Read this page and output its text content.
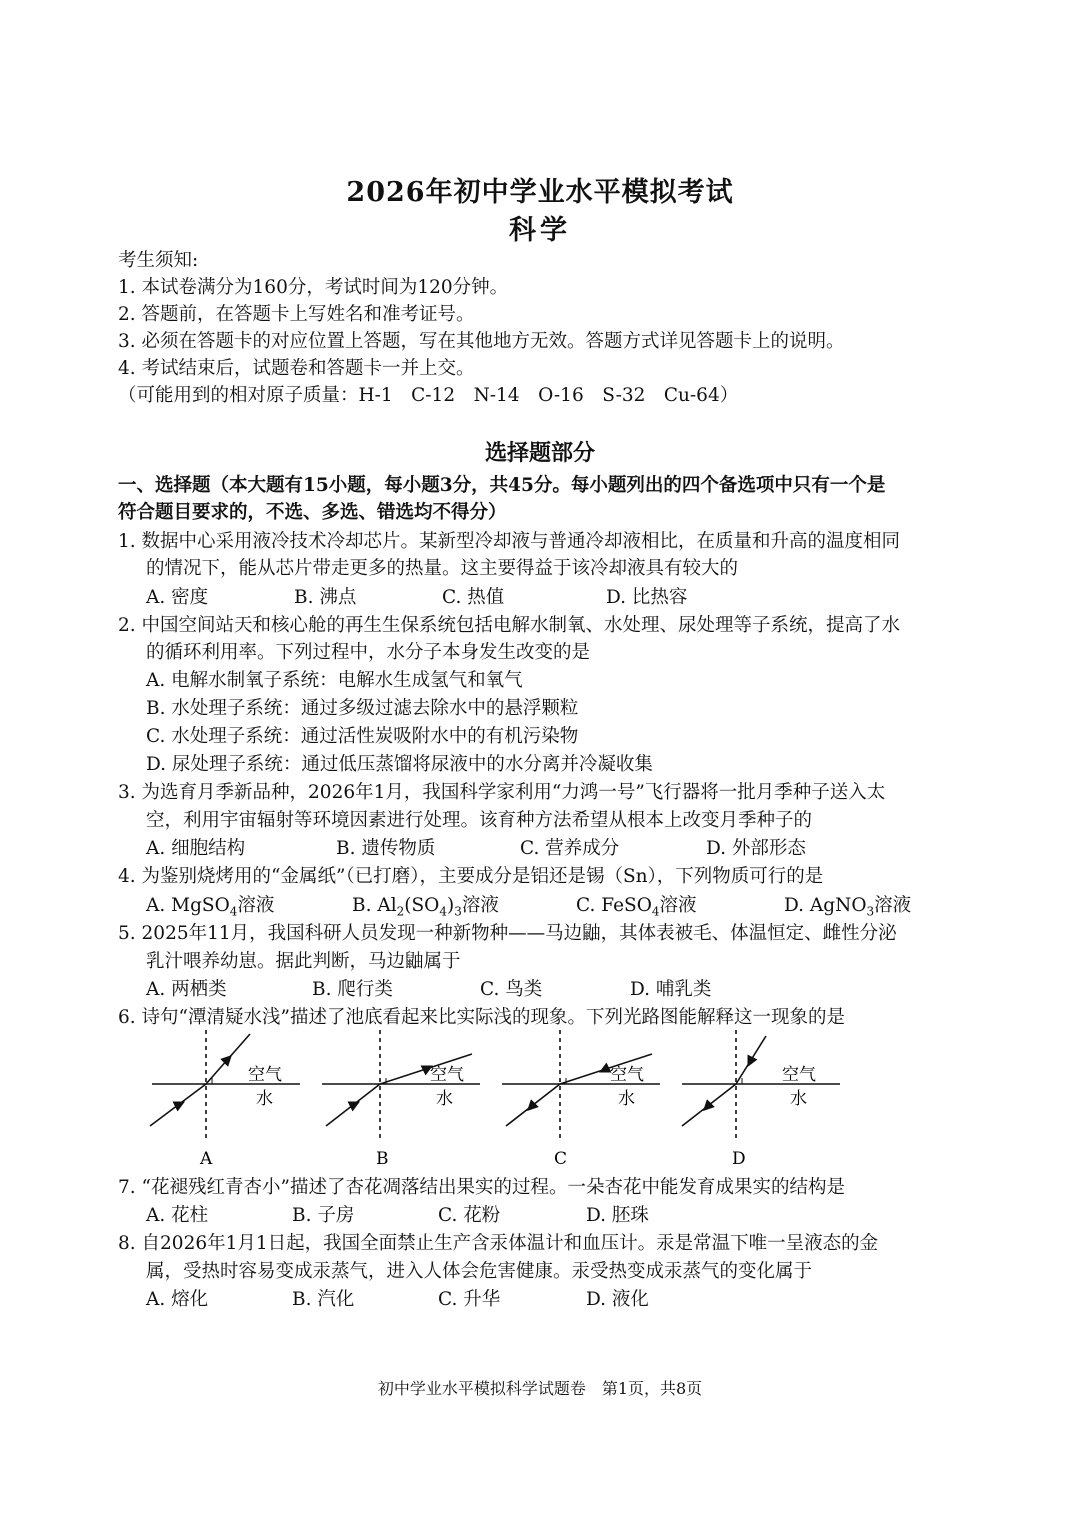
2026年初中学业水平模拟考试
科学
考生须知:
1. 本试卷满分为160分，考试时间为120分钟。
2. 答题前，在答题卡上写姓名和准考证号。
3. 必须在答题卡的对应位置上答题，写在其他地方无效。答题方式详见答题卡上的说明。
4. 考试结束后，试题卷和答题卡一并上交。
（可能用到的相对原子质量：H-1　C-12　N-14　O-16　S-32　Cu-64）
选择题部分
一、选择题（本大题有15小题，每小题3分，共45分。每小题列出的四个备选项中只有一个是
符合题目要求的，不选、多选、错选均不得分）
1. 数据中心采用液冷技术冷却芯片。某新型冷却液与普通冷却液相比，在质量和升高的温度相同
的情况下，能从芯片带走更多的热量。这主要得益于该冷却液具有较大的
A. 密度	B. 沸点	C. 热值	D. 比热容
2. 中国空间站天和核心舱的再生生保系统包括电解水制氧、水处理、尿处理等子系统，提高了水
的循环利用率。下列过程中，水分子本身发生改变的是
A. 电解水制氧子系统：电解水生成氢气和氧气
B. 水处理子系统：通过多级过滤去除水中的悬浮颗粒
C. 水处理子系统：通过活性炭吸附水中的有机污染物
D. 尿处理子系统：通过低压蒸馏将尿液中的水分离并冷凝收集
3. 为选育月季新品种，2026年1月，我国科学家利用“力鸿一号”飞行器将一批月季种子送入太
空，利用宇宙辐射等环境因素进行处理。该育种方法希望从根本上改变月季种子的
A. 细胞结构	B. 遗传物质	C. 营养成分	D. 外部形态
4. 为鉴别烧烤用的“金属纸”（已打磨），主要成分是铝还是锡（Sn），下列物质可行的是
A. MgSO$_4$溶液	B. $Al_2(SO_4)_3$溶液	C. FeSO$_4$溶液	D. AgNO$_3$溶液
5. 2025年11月，我国科研人员发现一种新物种——马边鼬，其体表被毛、体温恒定、雌性分泌
乳汁喂养幼崽。据此判断，马边鼬属于
A. 两栖类	B. 爬行类	C. 鸟类	D. 哺乳类
6. 诗句“潭清疑水浅”描述了池底看起来比实际浅的现象。下列光路图能解释这一现象的是
空气
水
A
空气
水
B
空气
水
C
空气
水
D
7. “花褪残红青杏小”描述了杏花凋落结出果实的过程。一朵杏花中能发育成果实的结构是
A. 花柱	B. 子房	C. 花粉	D. 胚珠
8. 自2026年1月1日起，我国全面禁止生产含汞体温计和血压计。汞是常温下唯一呈液态的金
属，受热时容易变成汞蒸气，进入人体会危害健康。汞受热变成汞蒸气的变化属于
A. 熔化	B. 汽化	C. 升华	D. 液化
初中学业水平模拟科学试题卷　第1页，共8页
